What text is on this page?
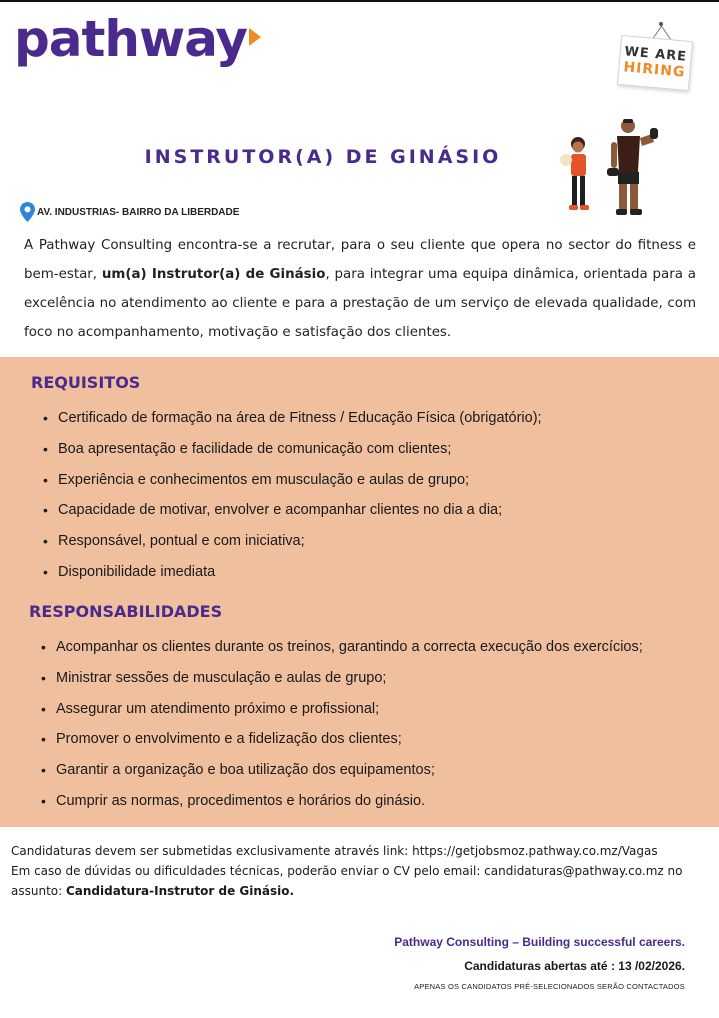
pathway	WE ARE
HIRING
INSTRUTOR(A) DE GINÁSIO
AV. INDUSTRIAS- BAIRRO DA LIBERDADE
A Pathway Consulting encontra-se a recrutar, para o seu cliente que opera no sector do fitness e bem-estar, um(a) Instrutor(a) de Ginásio, para integrar uma equipa dinâmica, orientada para a excelência no atendimento ao cliente e para a prestação de um serviço de elevada qualidade, com foco no acompanhamento, motivação e satisfação dos clientes.
REQUISITOS
• Certificado de formação na área de Fitness / Educação Física (obrigatório);
• Boa apresentação e facilidade de comunicação com clientes;
• Experiência e conhecimentos em musculação e aulas de grupo;
• Capacidade de motivar, envolver e acompanhar clientes no dia a dia;
• Responsável, pontual e com iniciativa;
• Disponibilidade imediata
RESPONSABILIDADES
• Acompanhar os clientes durante os treinos, garantindo a correcta execução dos exercícios;
• Ministrar sessões de musculação e aulas de grupo;
• Assegurar um atendimento próximo e profissional;
• Promover o envolvimento e a fidelização dos clientes;
• Garantir a organização e boa utilização dos equipamentos;
• Cumprir as normas, procedimentos e horários do ginásio.
Candidaturas devem ser submetidas exclusivamente através link: https://getjobsmoz.pathway.co.mz/Vagas
Em caso de dúvidas ou dificuldades técnicas, poderão enviar o CV pelo email: candidaturas@pathway.co.mz no assunto: Candidatura-Instrutor de Ginásio.
Pathway Consulting – Building successful careers.
Candidaturas abertas até : 13 /02/2026.
APENAS OS CANDIDATOS PRÉ-SELECIONADOS SERÃO CONTACTADOS
